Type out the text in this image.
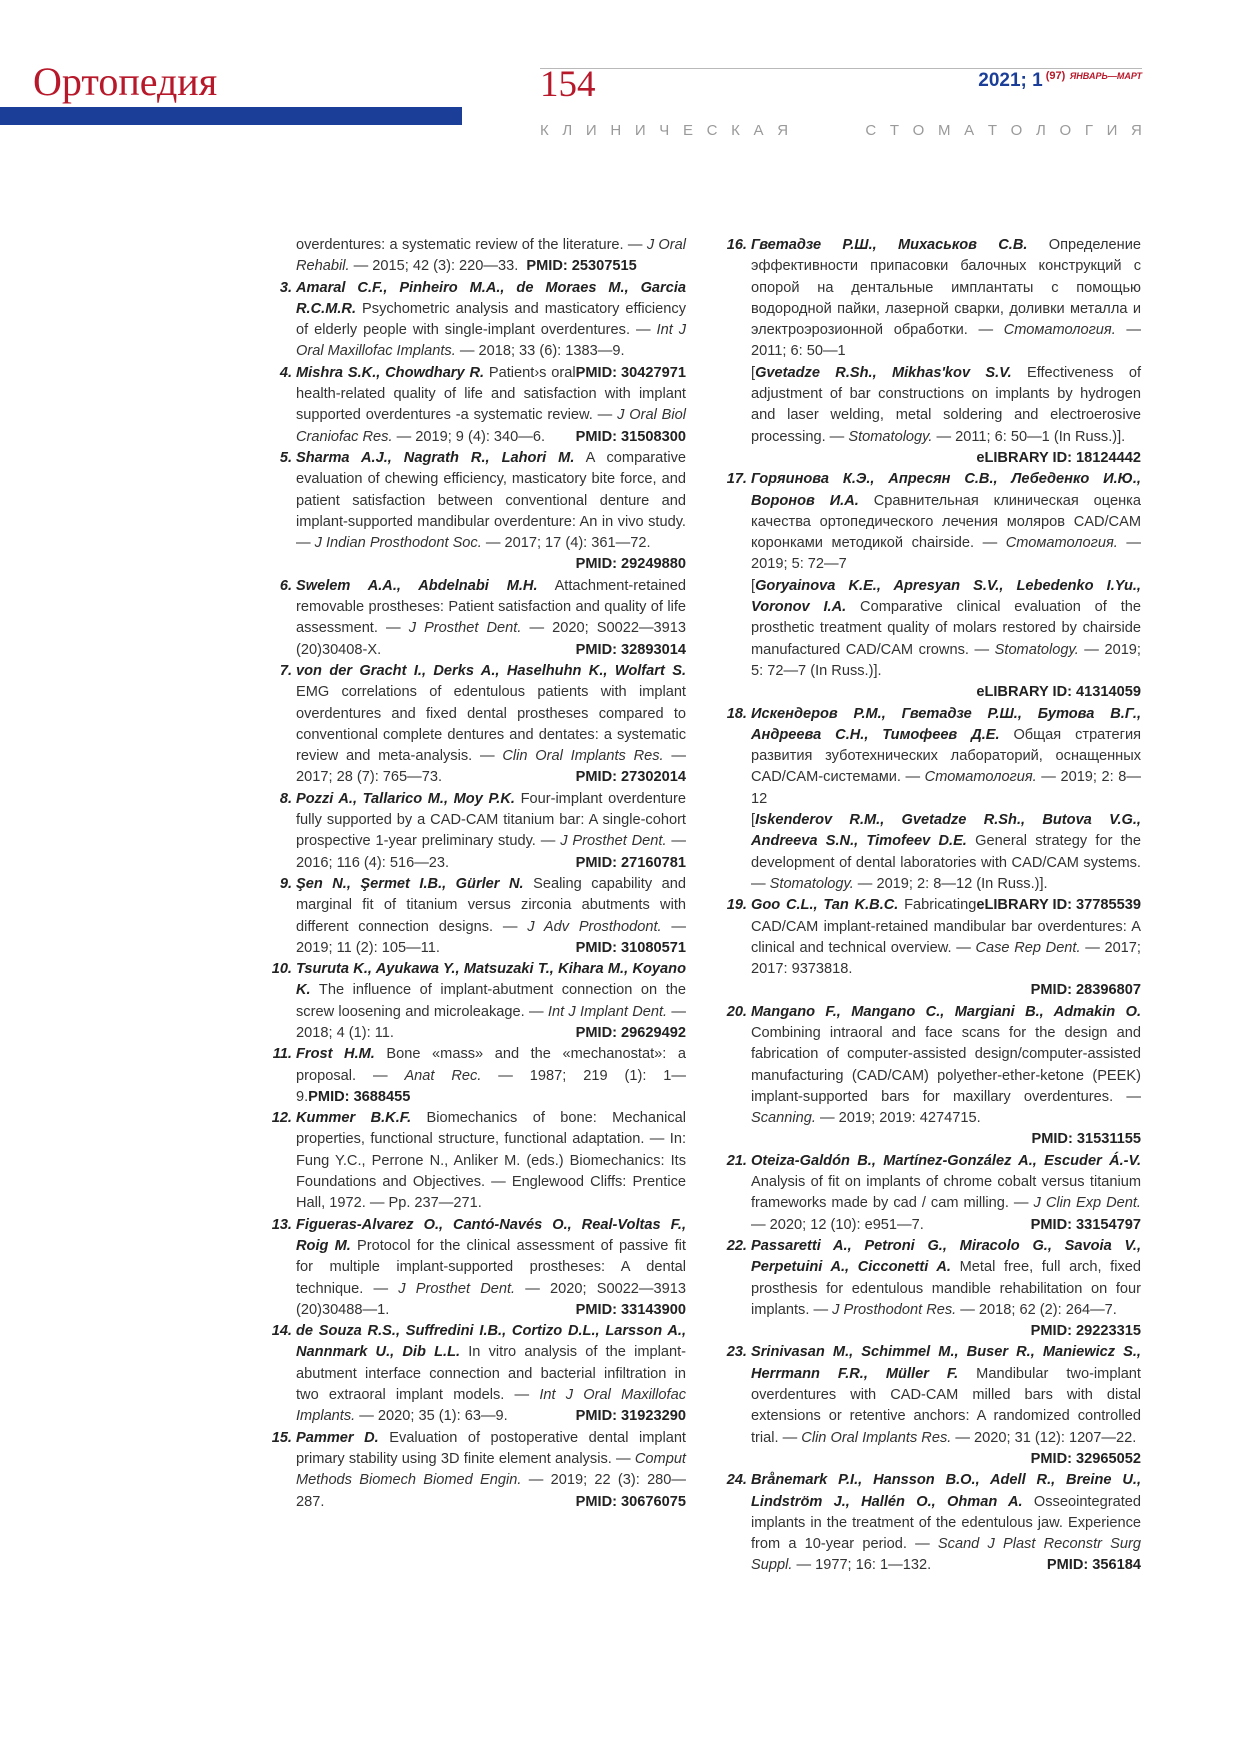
Ортопедия	154	2021; 1 $^{(97)}$ $^{ЯНВАРЬ—МАРТ}$
К Л И Н И Ч Е С К А Я	С Т О М А Т О Л О Г И Я
overdentures: a systematic review of the literature. — J Oral Rehabil. — 2015; 42 (3): 220—33. PMID: 25307515
3. Amaral C.F., Pinheiro M.A., de Moraes M., Garcia R.C.M.R. Psychometric analysis and masticatory efficiency of elderly people with single-implant overdentures. — Int J Oral Maxillofac Implants. — 2018; 33 (6): 1383—9.
PMID: 30427971
4. Mishra S.K., Chowdhary R. Patient›s oral health-related quality of life and satisfaction with implant supported overdentures -a systematic review. — J Oral Biol Craniofac Res. — 2019; 9 (4): 340—6. PMID: 31508300
5. Sharma A.J., Nagrath R., Lahori M. A comparative evaluation of chewing efficiency, masticatory bite force, and patient satisfaction between conventional denture and implant-supported mandibular overdenture: An in vivo study. — J Indian Prosthodont Soc. — 2017; 17 (4): 361—72.
PMID: 29249880
6. Swelem A.A., Abdelnabi M.H. Attachment-retained removable prostheses: Patient satisfaction and quality of life assessment. — J Prosthet Dent. — 2020; S0022—3913 (20)30408-X.	PMID: 32893014
7. von der Gracht I., Derks A., Haselhuhn K., Wolfart S. EMG correlations of edentulous patients with implant overdentures and fixed dental prostheses compared to conventional complete dentures and dentates: a systematic review and meta-analysis. — Clin Oral Implants Res. — 2017; 28 (7): 765—73.	PMID: 27302014
8. Pozzi A., Tallarico M., Moy P.K. Four-implant overdenture fully supported by a CAD-CAM titanium bar: A single-cohort prospective 1-year preliminary study. — J Prosthet Dent. — 2016; 116 (4): 516—23.	PMID: 27160781
9. Şen N., Şermet I.B., Gürler N. Sealing capability and marginal fit of titanium versus zirconia abutments with different connection designs. — J Adv Prosthodont. — 2019; 11 (2): 105—11.	PMID: 31080571
10. Tsuruta K., Ayukawa Y., Matsuzaki T., Kihara M., Koyano K. The influence of implant-abutment connection on the screw loosening and microleakage. — Int J Implant Dent. — 2018; 4 (1): 11.	PMID: 29629492
11. Frost H.M. Bone «mass» and the «mechanostat»: a proposal. — Anat Rec. — 1987; 219 (1): 1—9.PMID: 3688455
12. Kummer B.K.F. Biomechanics of bone: Mechanical properties, functional structure, functional adaptation. — In: Fung Y.C., Perrone N., Anliker M. (eds.) Biomechanics: Its Foundations and Objectives. — Englewood Cliffs: Prentice Hall, 1972. — Pp. 237—271.
13. Figueras-Alvarez O., Cantó-Navés O., Real-Voltas F., Roig M. Protocol for the clinical assessment of passive fit for multiple implant-supported prostheses: A dental technique. — J Prosthet Dent. — 2020; S0022—3913 (20)30488—1.	PMID: 33143900
14. de Souza R.S., Suffredini I.B., Cortizo D.L., Larsson A., Nannmark U., Dib L.L. In vitro analysis of the implant-abutment interface connection and bacterial infiltration in two extraoral implant models. — Int J Oral Maxillofac Implants. — 2020; 35 (1): 63—9.	PMID: 31923290
15. Pammer D. Evaluation of postoperative dental implant primary stability using 3D finite element analysis. — Comput Methods Biomech Biomed Engin. — 2019; 22 (3): 280—287.	PMID: 30676075
16. Гветадзе Р.Ш., Михаськов С.В. Определение эффективности припасовки балочных конструкций с опорой на дентальные имплантаты с помощью водородной пайки, лазерной сварки, доливки металла и электроэрозионной обработки. — Стоматология. — 2011; 6: 50—1
[Gvetadze R.Sh., Mikhas'kov S.V. Effectiveness of adjustment of bar constructions on implants by hydrogen and laser welding, metal soldering and electroerosive processing. — Stomatology. — 2011; 6: 50—1 (In Russ.)].
eLIBRARY ID: 18124442
17. Горяинова К.Э., Апресян С.В., Лебеденко И.Ю., Воронов И.А. Сравнительная клиническая оценка качества ортопедического лечения моляров CAD/CAM коронками методикой chairside. — Стоматология. — 2019; 5: 72—7
[Goryainova K.E., Apresyan S.V., Lebedenko I.Yu., Voronov I.A. Comparative clinical evaluation of the prosthetic treatment quality of molars restored by chairside manufactured CAD/CAM crowns. — Stomatology. — 2019; 5: 72—7 (In Russ.)].
eLIBRARY ID: 41314059
18. Искендеров Р.М., Гветадзе Р.Ш., Бутова В.Г., Андреева С.Н., Тимофеев Д.Е. Общая стратегия развития зуботехнических лабораторий, оснащенных CAD/CAM-системами. — Стоматология. — 2019; 2: 8—12
[Iskenderov R.M., Gvetadze R.Sh., Butova V.G., Andreeva S.N., Timofeev D.E. General strategy for the development of dental laboratories with CAD/CAM systems. — Stomatology. — 2019; 2: 8—12 (In Russ.)].
eLIBRARY ID: 37785539
19. Goo C.L., Tan K.B.C. Fabricating CAD/CAM implant-retained mandibular bar overdentures: A clinical and technical overview. — Case Rep Dent. — 2017; 2017: 9373818.
PMID: 28396807
20. Mangano F., Mangano C., Margiani B., Admakin O. Combining intraoral and face scans for the design and fabrication of computer-assisted design/computer-assisted manufacturing (CAD/CAM) polyether-ether-ketone (PEEK) implant-supported bars for maxillary overdentures. — Scanning. — 2019; 2019: 4274715.
PMID: 31531155
21. Oteiza-Galdón B., Martínez-González A., Escuder Á.-V. Analysis of fit on implants of chrome cobalt versus titanium frameworks made by cad / cam milling. — J Clin Exp Dent. — 2020; 12 (10): e951—7.	PMID: 33154797
22. Passaretti A., Petroni G., Miracolo G., Savoia V., Perpetuini A., Cicconetti A. Metal free, full arch, fixed prosthesis for edentulous mandible rehabilitation on four implants. — J Prosthodont Res. — 2018; 62 (2): 264—7.
PMID: 29223315
23. Srinivasan M., Schimmel M., Buser R., Maniewicz S., Herrmann F.R., Müller F. Mandibular two-implant overdentures with CAD-CAM milled bars with distal extensions or retentive anchors: A randomized controlled trial. — Clin Oral Implants Res. — 2020; 31 (12): 1207—22.
PMID: 32965052
24. Brånemark P.I., Hansson B.O., Adell R., Breine U., Lindström J., Hallén O., Ohman A. Osseointegrated implants in the treatment of the edentulous jaw. Experience from a 10-year period. — Scand J Plast Reconstr Surg Suppl. — 1977; 16: 1—132.	PMID: 356184
